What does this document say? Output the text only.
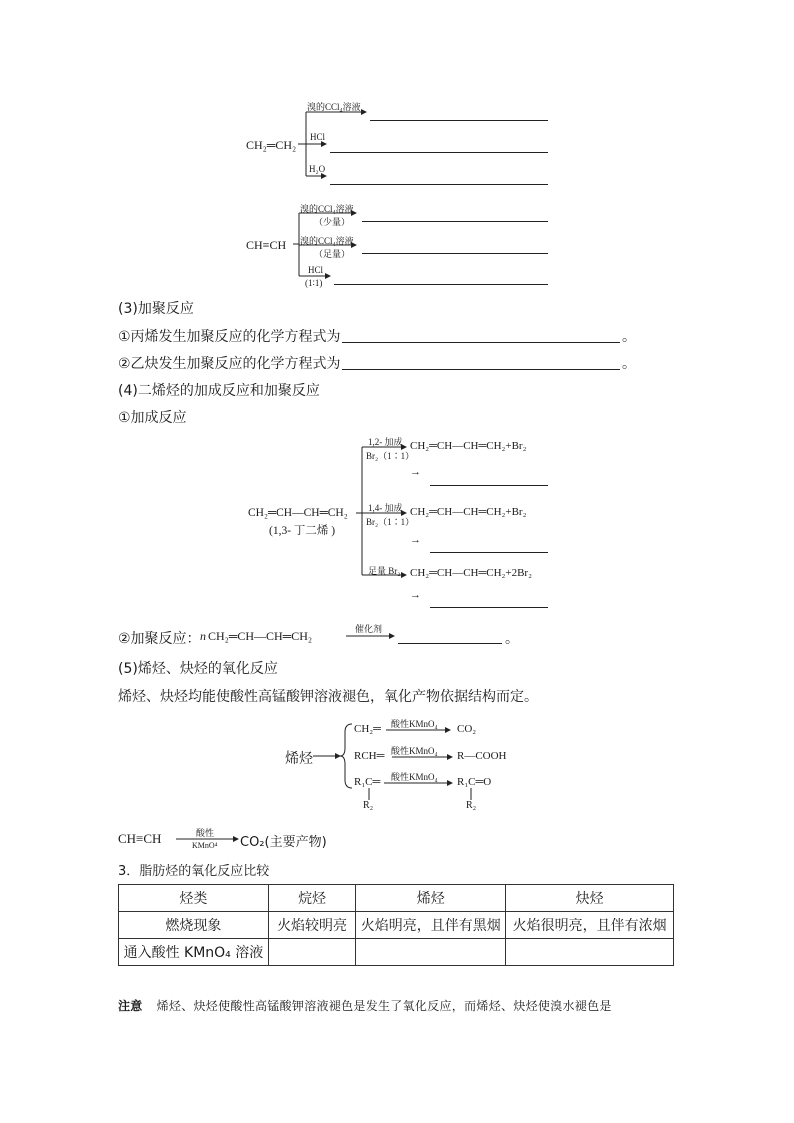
CH₂═CH₂
溴的CCl₄溶液
HCl
H₂O
CH≡CH
溴的CCl₄溶液
（少量）
溴的CCl₄溶液
（足量）
HCl
(1∶1)
(3)加聚反应
①丙烯发生加聚反应的化学方程式为	。
②乙炔发生加聚反应的化学方程式为	。
(4)二烯烃的加成反应和加聚反应
①加成反应
CH₂═CH—CH═CH₂
(1,3- 丁二烯 )
1,2- 加成
Br₂（1∶1）
CH₂═CH—CH═CH₂+Br₂
→
1,4- 加成
Br₂（1∶1）
CH₂═CH—CH═CH₂+Br₂
→
足量 Br₂ CH₂═CH—CH═CH₂+2Br₂
→
②加聚反应： n CH₂═CH—CH═CH₂	催化剂
。
(5)烯烃、炔烃的氧化反应
烯烃、炔烃均能使酸性高锰酸钾溶液褪色，氧化产物依据结构而定。
烯烃
CH₂═ 酸性KMnO₄ CO₂
RCH═ 酸性KMnO₄ R—COOH
R₁C═
R₂
酸性KMnO₄ R₁C═O
R₂
CH≡CH	酸性
KMnO⁴ CO₂(主要产物)
3．脂肪烃的氧化反应比较
烃类	烷烃	烯烃	炔烃
燃烧现象	火焰较明亮	火焰明亮，且伴有黑烟	火焰很明亮，且伴有浓烟
通入酸性 KMnO₄ 溶液			
注意 烯烃、炔烃使酸性高锰酸钾溶液褪色是发生了氧化反应，而烯烃、炔烃使溴水褪色是
